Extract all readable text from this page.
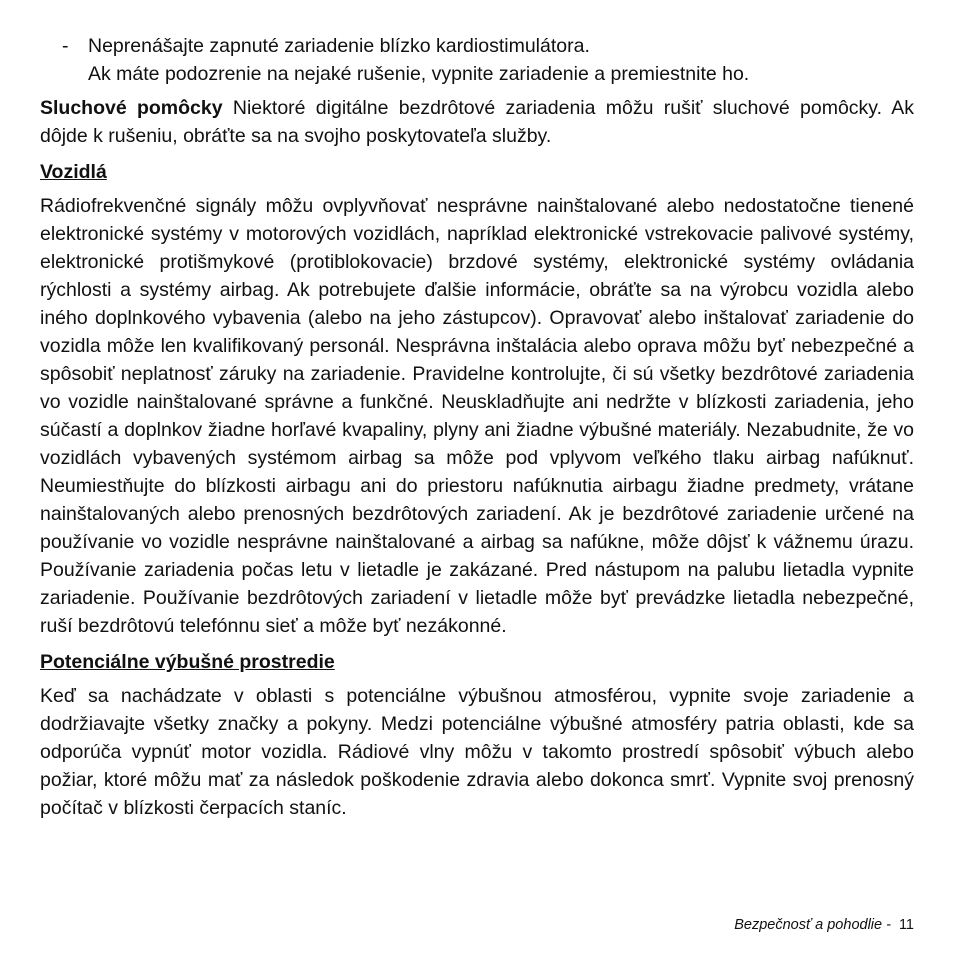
- Neprenášajte zapnuté zariadenie blízko kardiostimulátora.
Ak máte podozrenie na nejaké rušenie, vypnite zariadenie a premiestnite ho.

Sluchové pomôcky Niektoré digitálne bezdrôtové zariadenia môžu rušiť sluchové pomôcky. Ak dôjde k rušeniu, obráťte sa na svojho poskytovateľa služby.

Vozidlá

Rádiofrekvenčné signály môžu ovplyvňovať nesprávne nainštalované alebo nedostatočne tienené elektronické systémy v motorových vozidlách, napríklad elektronické vstrekovacie palivové systémy, elektronické protišmykové (protiblokovacie) brzdové systémy, elektronické systémy ovládania rýchlosti a systémy airbag. Ak potrebujete ďalšie informácie, obráťte sa na výrobcu vozidla alebo iného doplnkového vybavenia (alebo na jeho zástupcov). Opravovať alebo inštalovať zariadenie do vozidla môže len kvalifikovaný personál. Nesprávna inštalácia alebo oprava môžu byť nebezpečné a spôsobiť neplatnosť záruky na zariadenie. Pravidelne kontrolujte, či sú všetky bezdrôtové zariadenia vo vozidle nainštalované správne a funkčné. Neuskladňujte ani nedržte v blízkosti zariadenia, jeho súčastí a doplnkov žiadne horľavé kvapaliny, plyny ani žiadne výbušné materiály. Nezabudnite, že vo vozidlách vybavených systémom airbag sa môže pod vplyvom veľkého tlaku airbag nafúknuť. Neumiestňujte do blízkosti airbagu ani do priestoru nafúknutia airbagu žiadne predmety, vrátane nainštalovaných alebo prenosných bezdrôtových zariadení. Ak je bezdrôtové zariadenie určené na používanie vo vozidle nesprávne nainštalované a airbag sa nafúkne, môže dôjsť k vážnemu úrazu. Používanie zariadenia počas letu v lietadle je zakázané. Pred nástupom na palubu lietadla vypnite zariadenie. Používanie bezdrôtových zariadení v lietadle môže byť prevádzke lietadla nebezpečné, ruší bezdrôtovú telefónnu sieť a môže byť nezákonné.

Potenciálne výbušné prostredie

Keď sa nachádzate v oblasti s potenciálne výbušnou atmosférou, vypnite svoje zariadenie a dodržiavajte všetky značky a pokyny. Medzi potenciálne výbušné atmosféry patria oblasti, kde sa odporúča vypnúť motor vozidla. Rádiové vlny môžu v takomto prostredí spôsobiť výbuch alebo požiar, ktoré môžu mať za následok poškodenie zdravia alebo dokonca smrť. Vypnite svoj prenosný počítač v blízkosti čerpacích staníc.

Bezpečnosť a pohodlie - 11
